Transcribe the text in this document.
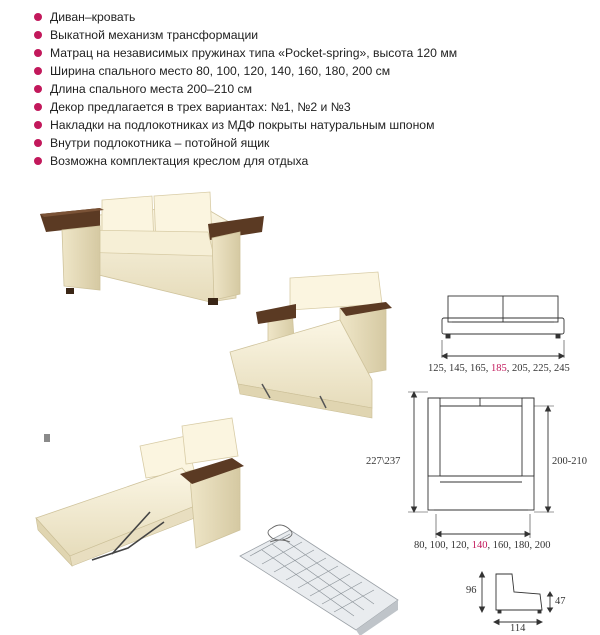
Диван–кровать
Выкатной механизм трансформации
Матрац на независимых пружинах типа «Pocket-spring», высота 120 мм
Ширина спального место 80, 100, 120, 140, 160, 180, 200 см
Длина спального места 200–210 см
Декор предлагается в трех вариантах: №1, №2 и №3
Накладки на подлокотниках из МДФ покрыты натуральным шпоном
Внутри подлокотника – потойной ящик
Возможна комплектация креслом для отдыха
125, 145, 165, 185, 205, 225, 245
227\237	200-210
80, 100, 120, 140, 160, 180, 200
96
47
114
